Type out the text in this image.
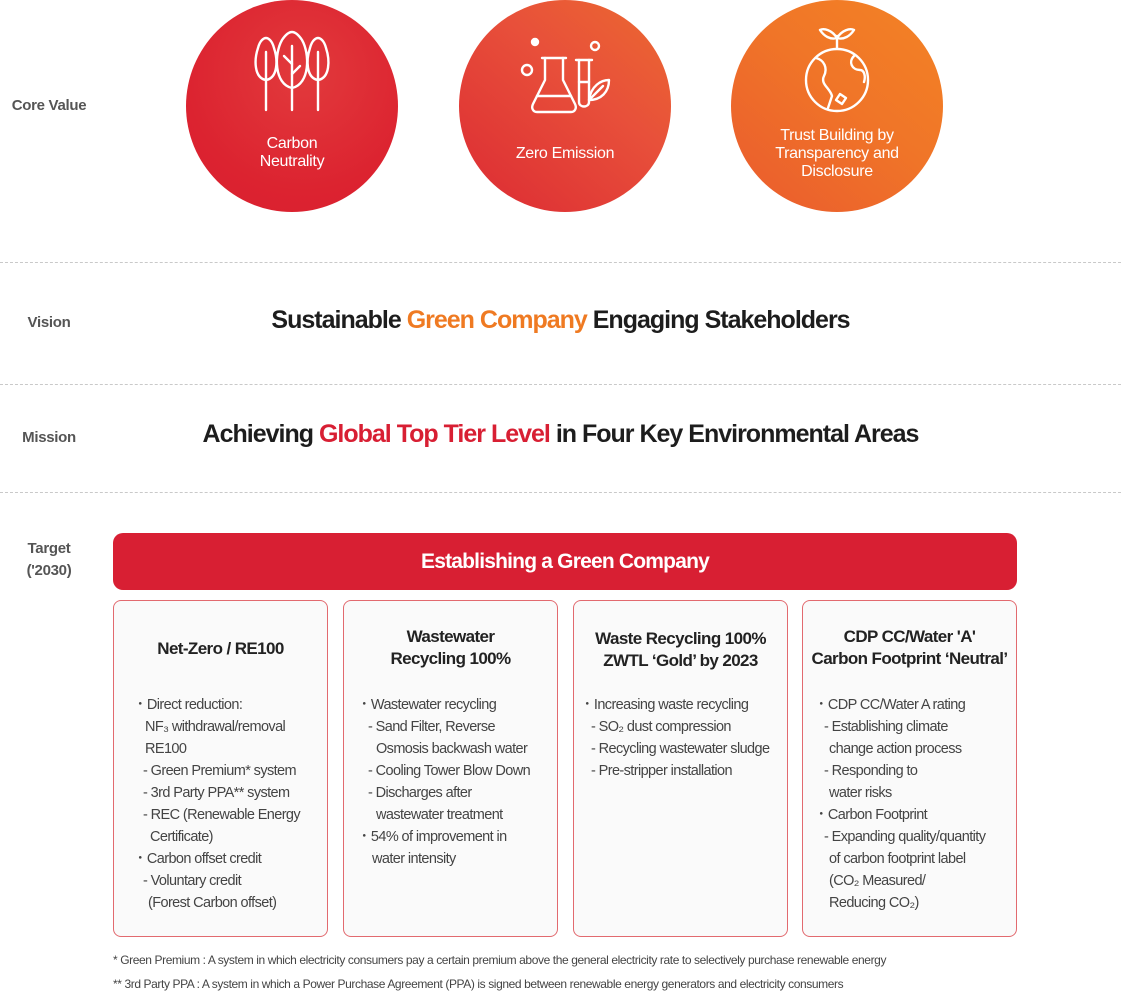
Core Value
Vision
Mission
Target
('2030)
Carbon
Neutrality	Zero Emission
Trust Building by
Transparency and
Disclosure
Sustainable Green Company Engaging Stakeholders
Achieving Global Top Tier Level in Four Key Environmental Areas
Establishing a Green Company
Net-Zero / RE100
・Direct reduction:
NF₃ withdrawal/removal
RE100
- Green Premium* system
- 3rd Party PPA** system
- REC (Renewable Energy
Certificate)
・Carbon offset credit
- Voluntary credit
(Forest Carbon offset)
Wastewater
Recycling 100%
・Wastewater recycling
- Sand Filter, Reverse
Osmosis backwash water
- Cooling Tower Blow Down
- Discharges after
wastewater treatment
・54% of improvement in
water intensity
Waste Recycling 100%
ZWTL ‘Gold’ by 2023
・Increasing waste recycling
- SO₂ dust compression
- Recycling wastewater sludge
- Pre-stripper installation
CDP CC/Water 'A'
Carbon Footprint ‘Neutral’
・CDP CC/Water A rating
- Establishing climate
change action process
- Responding to
water risks
・Carbon Footprint
- Expanding quality/quantity
of carbon footprint label
(CO₂ Measured/
Reducing CO₂)
* Green Premium : A system in which electricity consumers pay a certain premium above the general electricity rate to selectively purchase renewable energy
** 3rd Party PPA : A system in which a Power Purchase Agreement (PPA) is signed between renewable energy generators and electricity consumers
